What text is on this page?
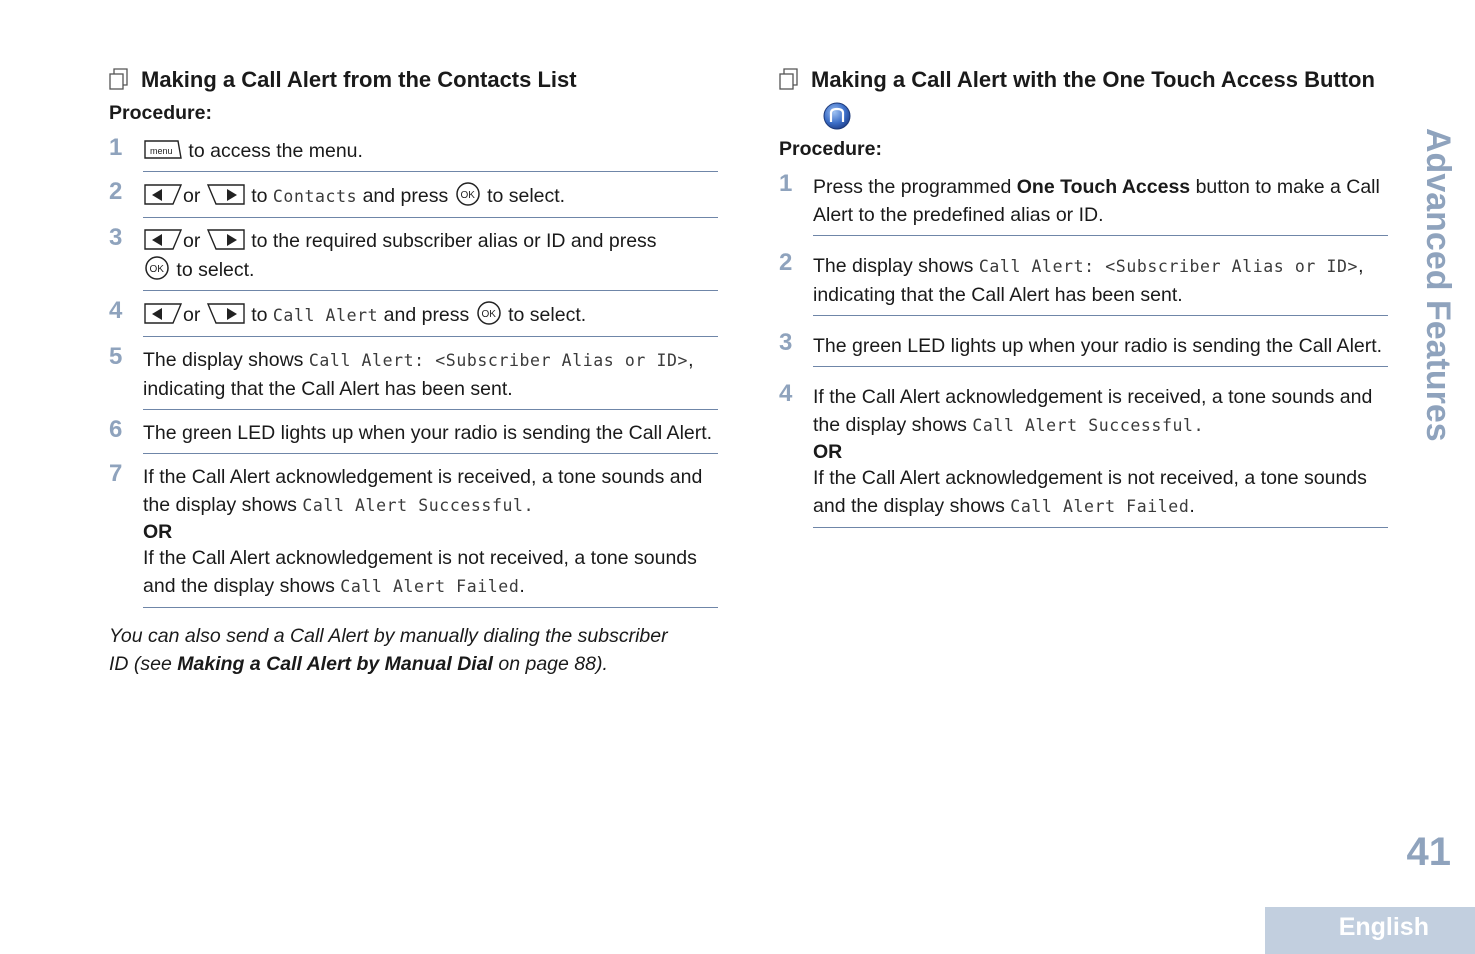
Making a Call Alert from the Contacts List
Procedure:
1	menu to access the menu.
2	or	to Contacts and press OK to select.
3	or	to the required subscriber alias or ID and press

OK to select.
4	or	to Call Alert and press OK to select.
5 The display shows Call Alert: <Subscriber Alias or ID>, indicating that the Call Alert has been sent.
6 The green LED lights up when your radio is sending the Call Alert.
7 If the Call Alert acknowledgement is received, a tone sounds and the display shows Call Alert Successful.
OR
If the Call Alert acknowledgement is not received, a tone sounds and the display shows Call Alert Failed.
You can also send a Call Alert by manually dialing the subscriber ID (see Making a Call Alert by Manual Dial on page 88).
Making a Call Alert with the One Touch Access Button
Procedure:
1 Press the programmed One Touch Access button to make a Call Alert to the predefined alias or ID.
2 The display shows Call Alert: <Subscriber Alias or ID>, indicating that the Call Alert has been sent.
3 The green LED lights up when your radio is sending the Call Alert.
4 If the Call Alert acknowledgement is received, a tone sounds and the display shows Call Alert Successful.
OR
If the Call Alert acknowledgement is not received, a tone sounds and the display shows Call Alert Failed.
Advanced Features
41
English
